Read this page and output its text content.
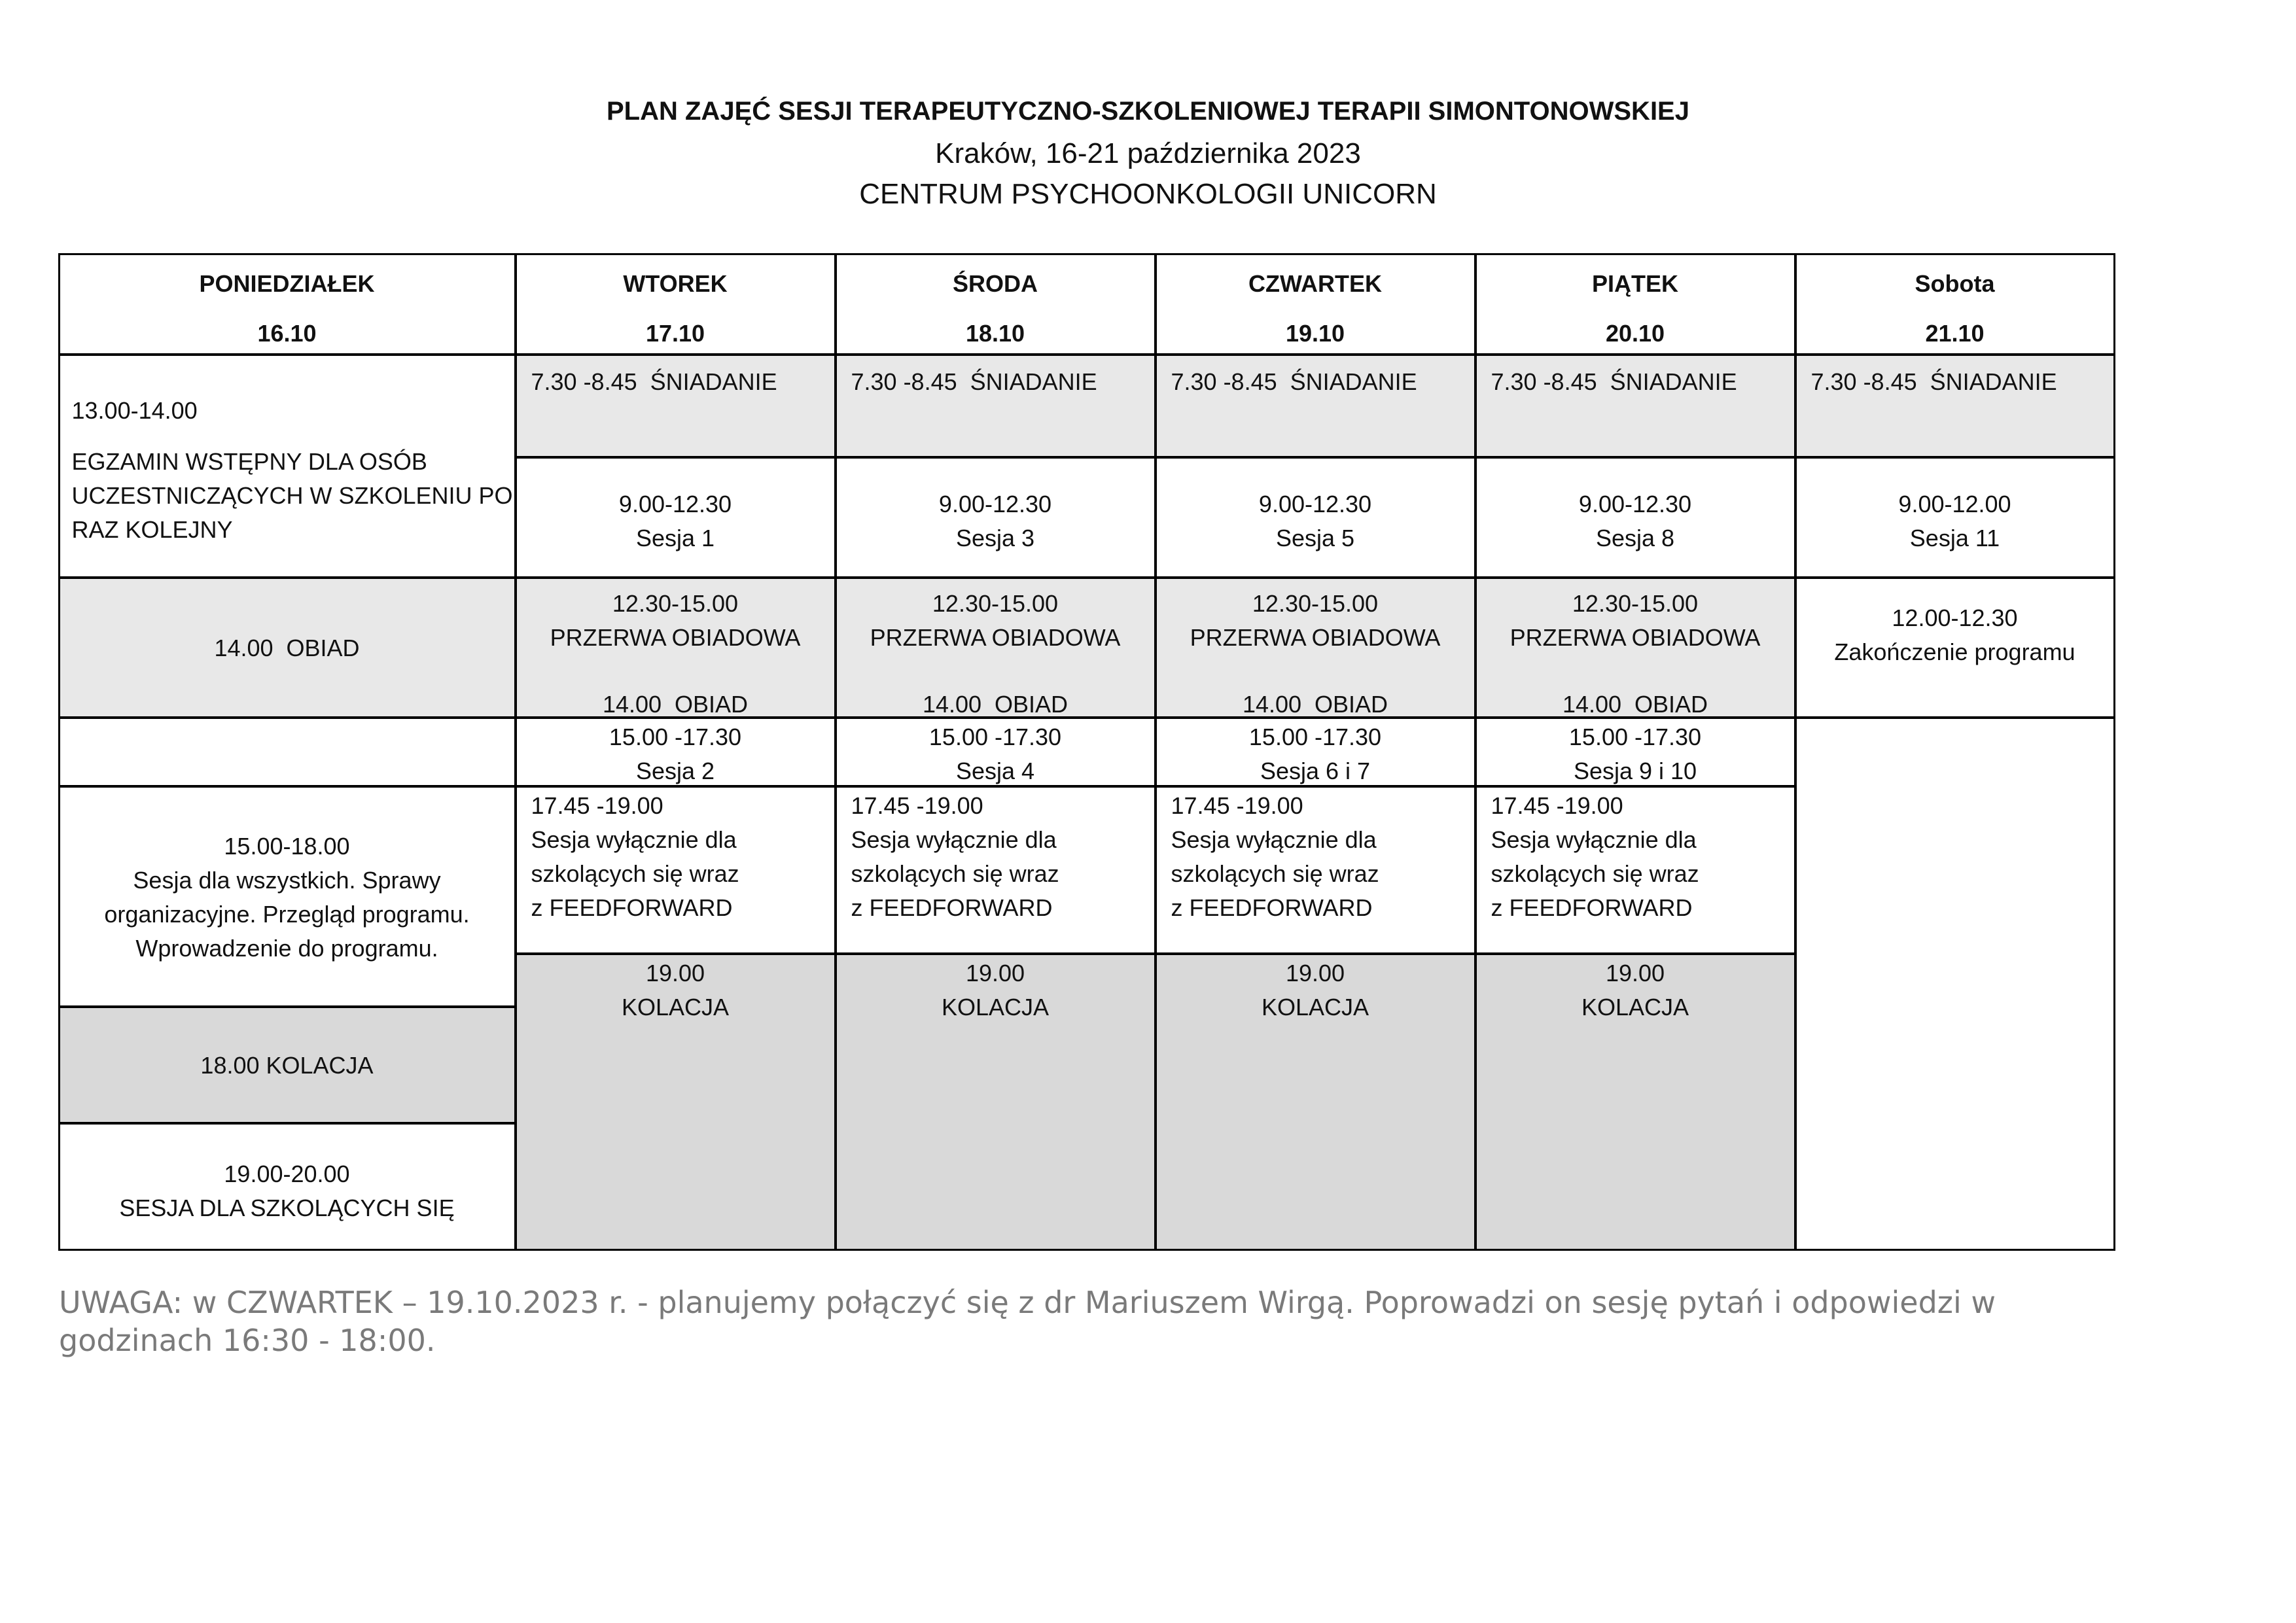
PLAN ZAJĘĆ SESJI TERAPEUTYCZNO-SZKOLENIOWEJ TERAPII SIMONTONOWSKIEJ
Kraków, 16-21 października 2023
CENTRUM PSYCHOONKOLOGII UNICORN
PONIEDZIAŁEK
16.10
WTOREK
17.10
ŚRODA
18.10
CZWARTEK
19.10
PIĄTEK
20.10
Sobota
21.10
13.00-14.00
EGZAMIN WSTĘPNY DLA OSÓB
UCZESTNICZĄCYCH W SZKOLENIU PO
RAZ KOLEJNY
14.00  OBIAD
15.00-18.00
Sesja dla wszystkich. Sprawy
organizacyjne. Przegląd programu.
Wprowadzenie do programu.
18.00 KOLACJA
19.00-20.00
SESJA DLA SZKOLĄCYCH SIĘ
7.30 -8.45  ŚNIADANIE
9.00-12.30
Sesja 1
12.30-15.00
PRZERWA OBIADOWA
14.00  OBIAD
15.00 -17.30
Sesja 2
17.45 -19.00
Sesja wyłącznie dla
szkolących się wraz
z FEEDFORWARD
19.00
KOLACJA
7.30 -8.45  ŚNIADANIE
9.00-12.30
Sesja 3
12.30-15.00
PRZERWA OBIADOWA
14.00  OBIAD
15.00 -17.30
Sesja 4
17.45 -19.00
Sesja wyłącznie dla
szkolących się wraz
z FEEDFORWARD
19.00
KOLACJA
7.30 -8.45  ŚNIADANIE
9.00-12.30
Sesja 5
12.30-15.00
PRZERWA OBIADOWA
14.00  OBIAD
15.00 -17.30
Sesja 6 i 7
17.45 -19.00
Sesja wyłącznie dla
szkolących się wraz
z FEEDFORWARD
19.00
KOLACJA
7.30 -8.45  ŚNIADANIE
9.00-12.30
Sesja 8
12.30-15.00
PRZERWA OBIADOWA
14.00  OBIAD
15.00 -17.30
Sesja 9 i 10
17.45 -19.00
Sesja wyłącznie dla
szkolących się wraz
z FEEDFORWARD
19.00
KOLACJA
7.30 -8.45  ŚNIADANIE
9.00-12.00
Sesja 11
12.00-12.30
Zakończenie programu
UWAGA: w CZWARTEK – 19.10.2023 r. - planujemy połączyć się z dr Mariuszem Wirgą. Poprowadzi on sesję pytań i odpowiedzi w
godzinach 16:30 - 18:00.
